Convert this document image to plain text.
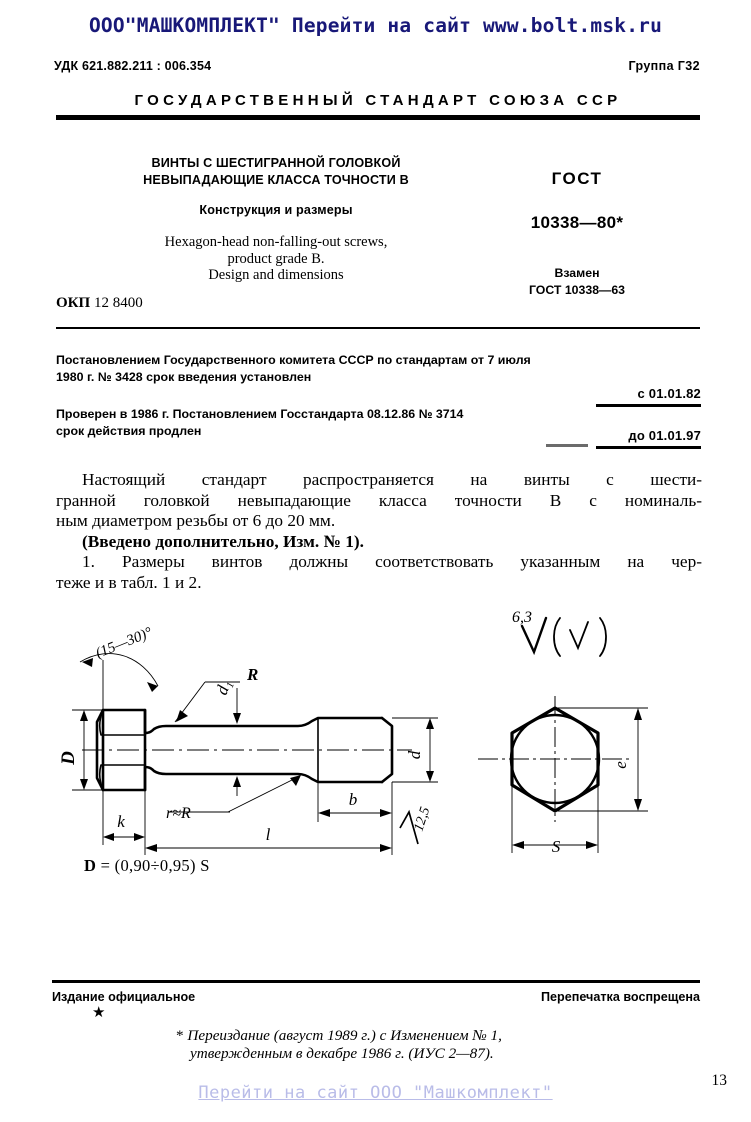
ООО"МАШКОМПЛЕКТ" Перейти на сайт www.bolt.msk.ru
УДК 621.882.211 : 006.354	Группа Г32
ГОСУДАРСТВЕННЫЙ СТАНДАРТ СОЮЗА ССР
ВИНТЫ С ШЕСТИГРАННОЙ ГОЛОВКОЙ
НЕВЫПАДАЮЩИЕ КЛАССА ТОЧНОСТИ В
Конструкция и размеры
Hexagon-head non-falling-out screws,
product grade B.
Design and dimensions
ГОСТ
10338—80*
Взамен
ГОСТ 10338—63
ОКП 12 8400
Постановлением Государственного комитета СССР по стандартам от 7 июля
1980 г. № 3428 срок введения установлен
Проверен в 1986 г. Постановлением Госстандарта 08.12.86 № 3714
срок действия продлен
с 01.01.82
до 01.01.97
Настоящий стандарт распространяется на винты с шести-
гранной головкой невыпадающие класса точности В с номиналь-
ным диаметром резьбы от 6 до 20 мм.
(Введено дополнительно, Изм. № 1).
1. Размеры винтов должны соответствовать указанным на чер-
теже и в табл. 1 и 2.
D
k
R
d₁
d
b
l
r≈R	12,5
S
e
6,3
(15—30)°
D = (0,90÷0,95) S
Издание официальное	Перепечатка воспрещена
★
* Переиздание (август 1989 г.) с Изменением № 1,
утвержденным в декабре 1986 г. (ИУС 2—87).
13
Перейти на сайт ООО "Машкомплект"
